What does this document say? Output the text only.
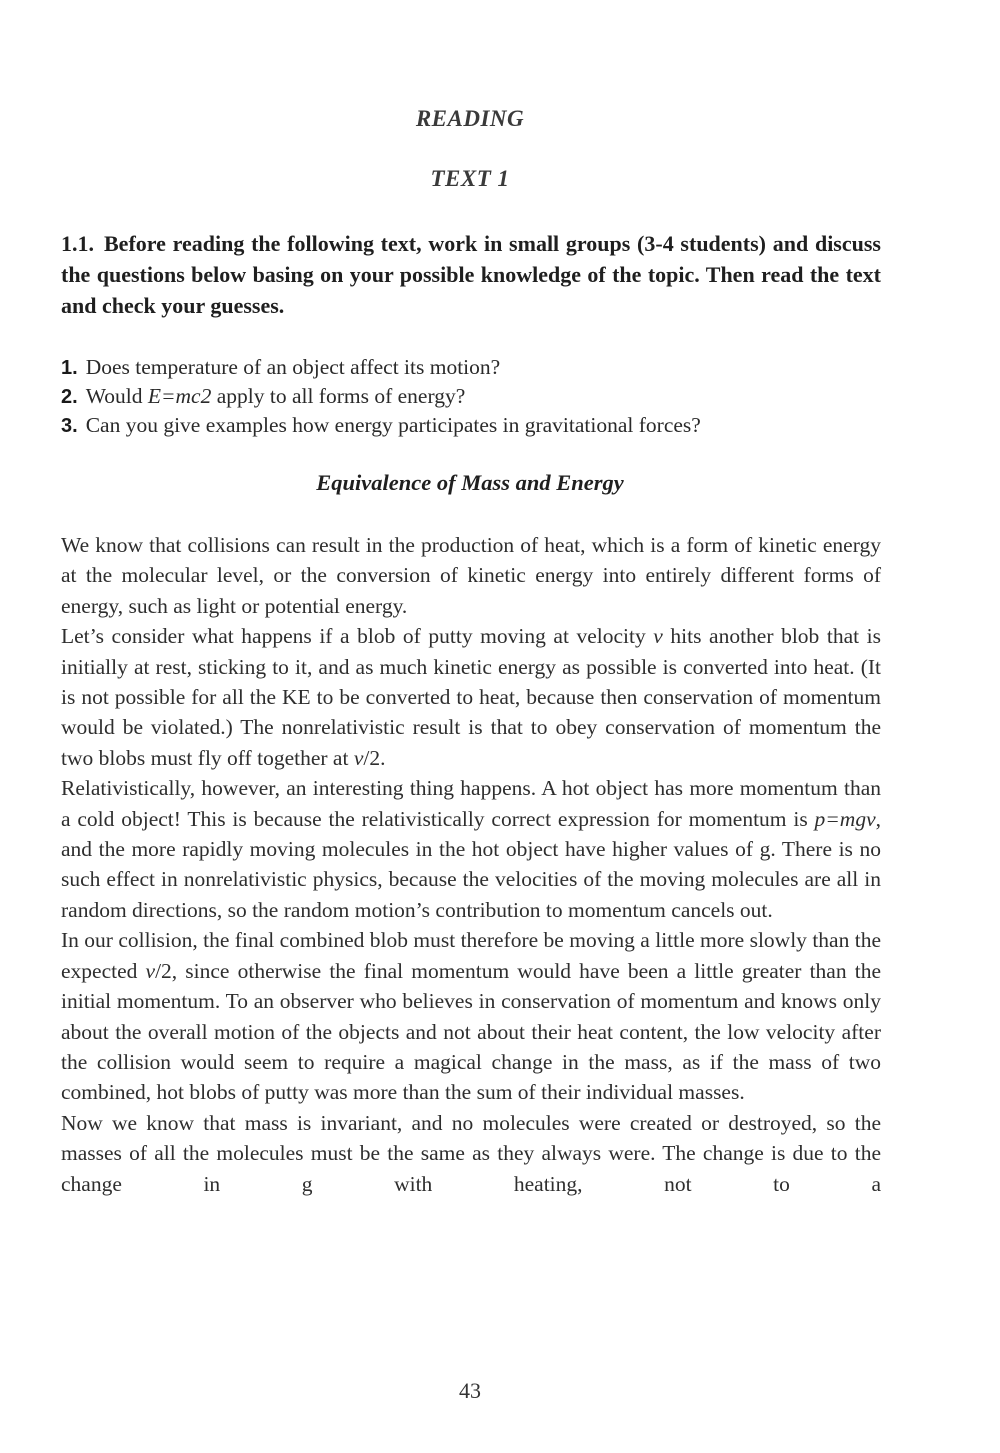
READING
TEXT 1
1.1. Before reading the following text, work in small groups (3-4 students) and discuss the questions below basing on your possible knowledge of the topic. Then read the text and check your guesses.
1. Does temperature of an object affect its motion?
2. Would E=mc2 apply to all forms of energy?
3. Can you give examples how energy participates in gravitational forces?
Equivalence of Mass and Energy

We know that collisions can result in the production of heat, which is a form of kinetic energy at the molecular level, or the conversion of kinetic energy into entirely different forms of energy, such as light or potential energy.

Let’s consider what happens if a blob of putty moving at velocity v hits another blob that is initially at rest, sticking to it, and as much kinetic energy as possible is converted into heat. (It is not possible for all the KE to be converted to heat, because then conservation of momentum would be violated.) The nonrelativistic result is that to obey conservation of momentum the two blobs must fly off together at v/2.

Relativistically, however, an interesting thing happens. A hot object has more momentum than a cold object! This is because the relativistically correct expression for momentum is p=mgv, and the more rapidly moving molecules in the hot object have higher values of g. There is no such effect in nonrelativistic physics, because the velocities of the moving molecules are all in random directions, so the random motion’s contribution to momentum cancels out.

In our collision, the final combined blob must therefore be moving a little more slowly than the expected v/2, since otherwise the final momentum would have been a little greater than the initial momentum. To an observer who believes in conservation of momentum and knows only about the overall motion of the objects and not about their heat content, the low velocity after the collision would seem to require a magical change in the mass, as if the mass of two combined, hot blobs of putty was more than the sum of their individual masses.

Now we know that mass is invariant, and no molecules were created or destroyed, so the masses of all the molecules must be the same as they always were. The change is due to the change in g with heating, not to a

43
